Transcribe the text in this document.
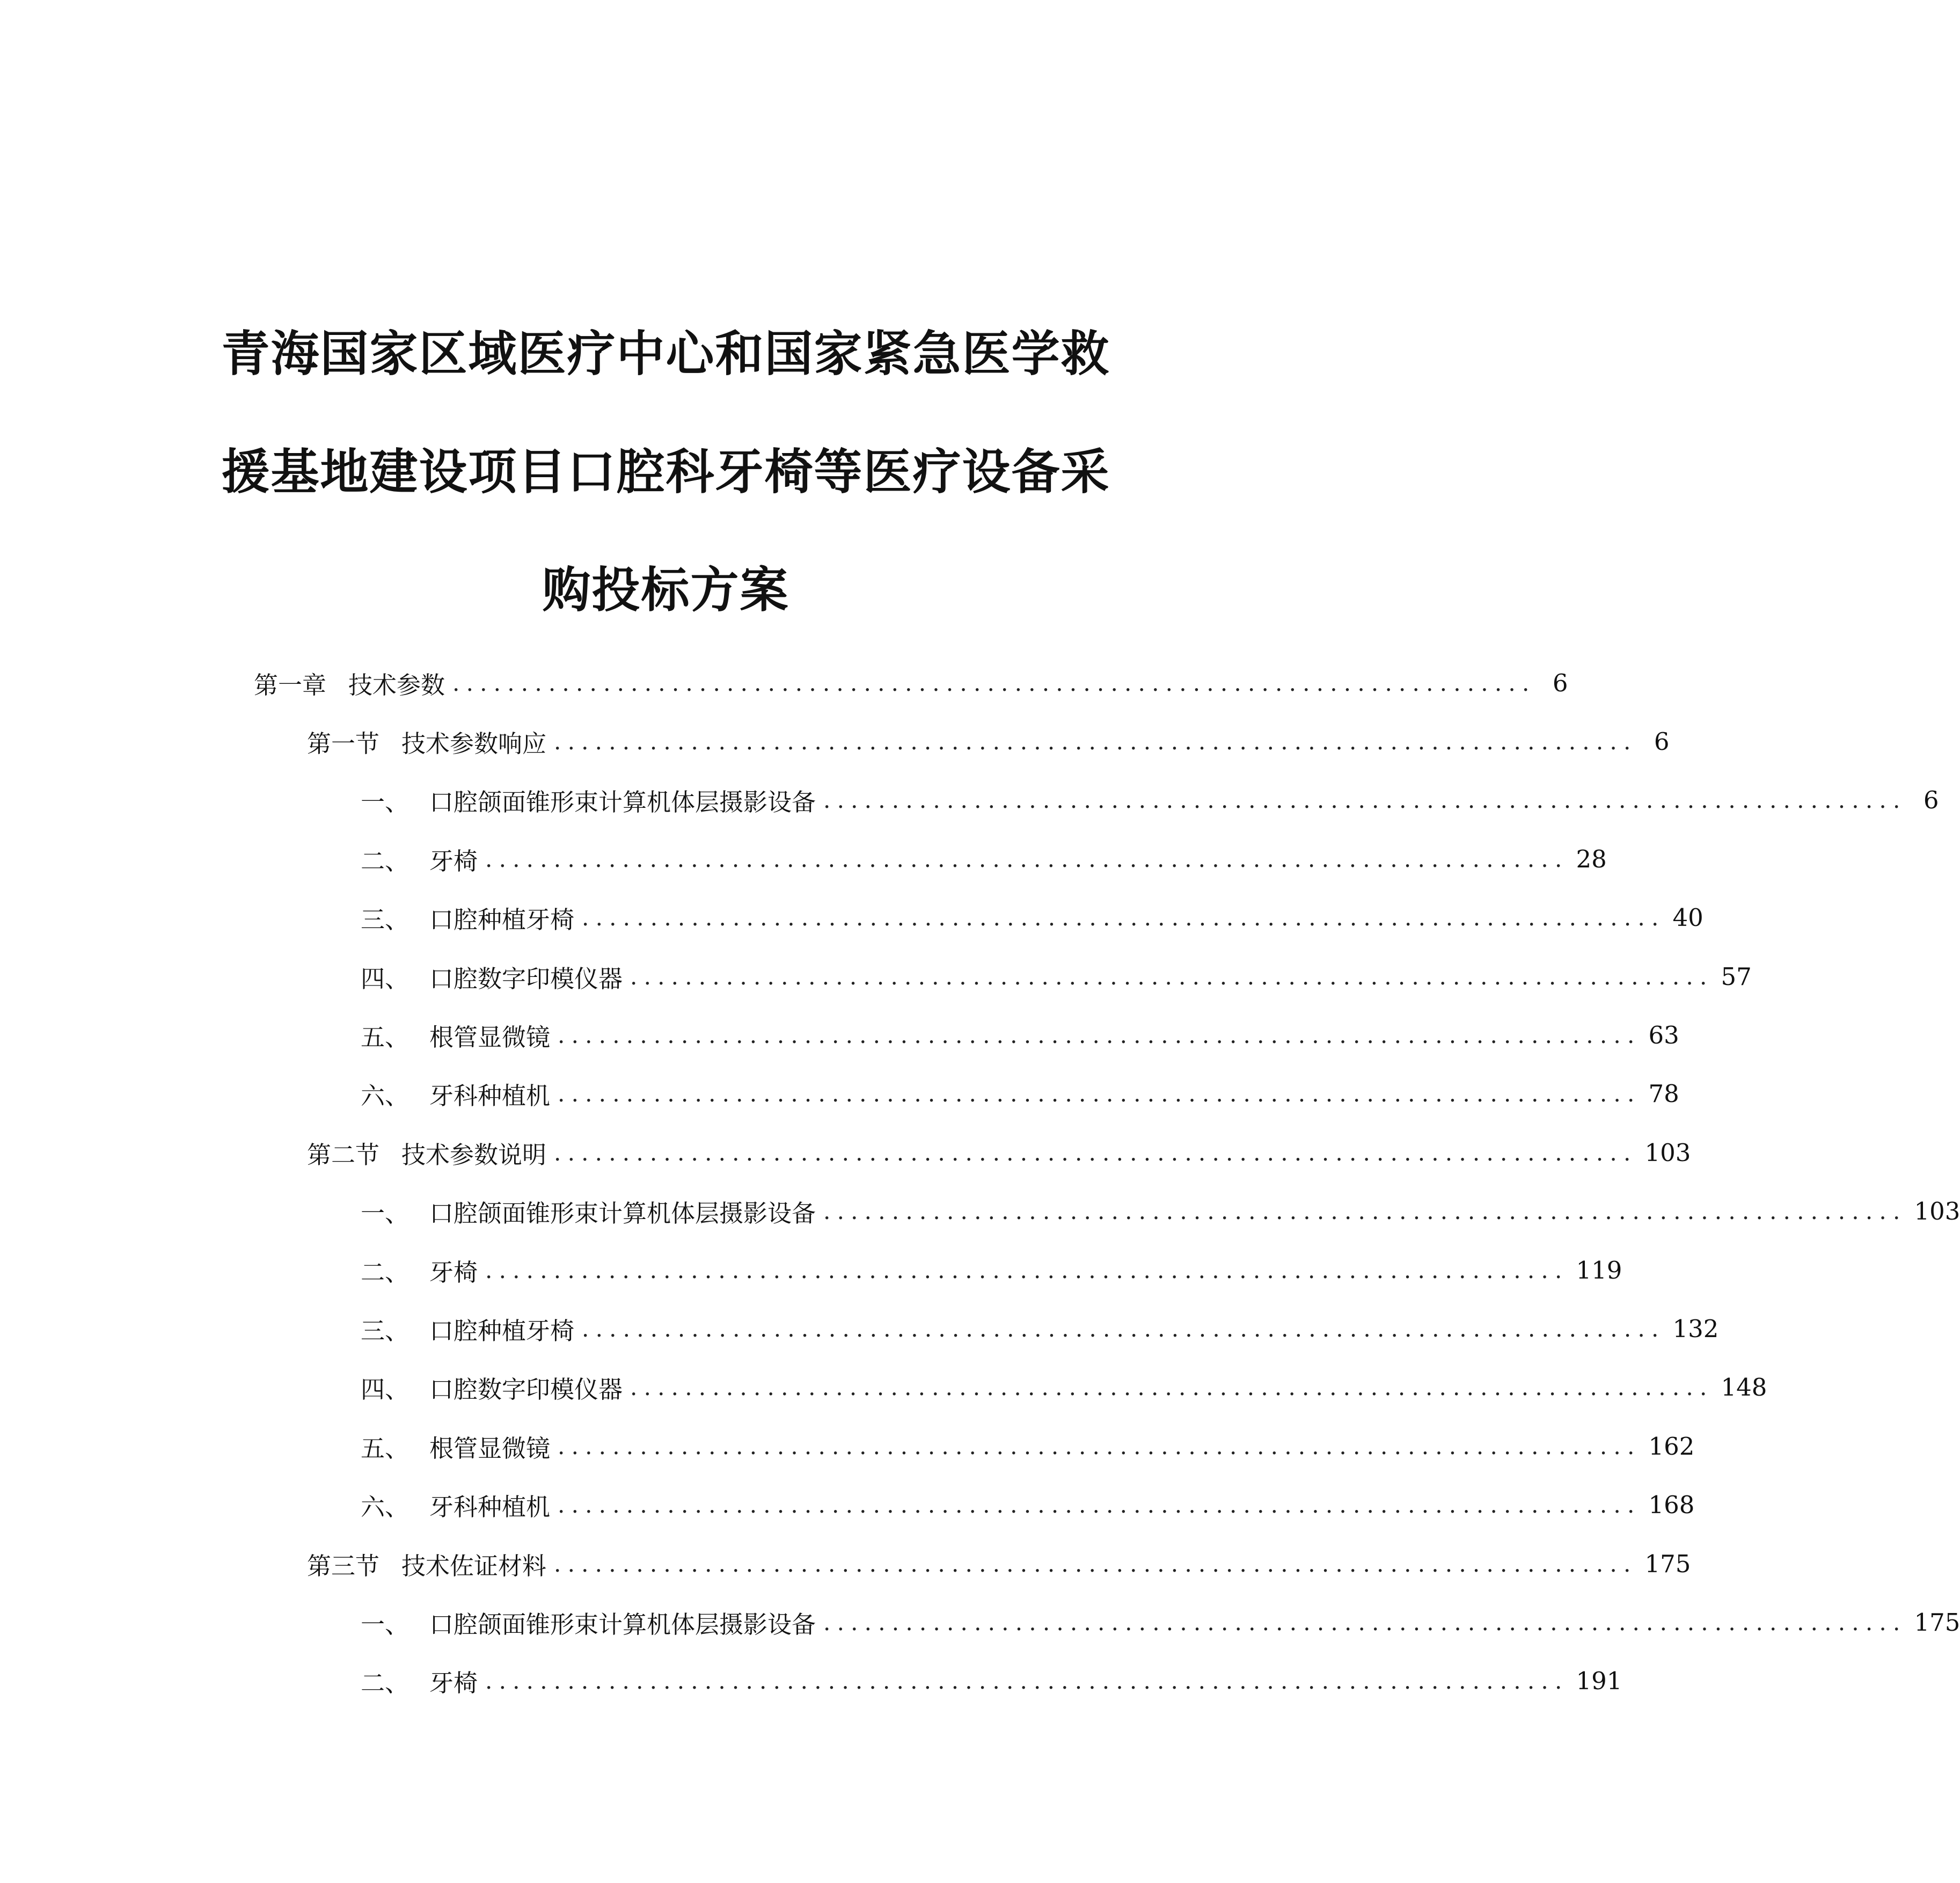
青海国家区域医疗中心和国家紧急医学救
援基地建设项目口腔科牙椅等医疗设备采
购投标方案
第一章 技术参数 ............................................................................... 6
第一节 技术参数响应 ............................................................................... 6
一、 口腔颌面锥形束计算机体层摄影设备 ............................................................................... 6
二、 牙椅 ............................................................................... 28
三、 口腔种植牙椅 ............................................................................... 40
四、 口腔数字印模仪器 ............................................................................... 57
五、 根管显微镜 ............................................................................... 63
六、 牙科种植机 ............................................................................... 78
第二节 技术参数说明 ............................................................................... 103
一、 口腔颌面锥形束计算机体层摄影设备 ............................................................................... 103
二、 牙椅 ............................................................................... 119
三、 口腔种植牙椅 ............................................................................... 132
四、 口腔数字印模仪器 ............................................................................... 148
五、 根管显微镜 ............................................................................... 162
六、 牙科种植机 ............................................................................... 168
第三节 技术佐证材料 ............................................................................... 175
一、 口腔颌面锥形束计算机体层摄影设备 ............................................................................... 175
二、 牙椅 ............................................................................... 191
